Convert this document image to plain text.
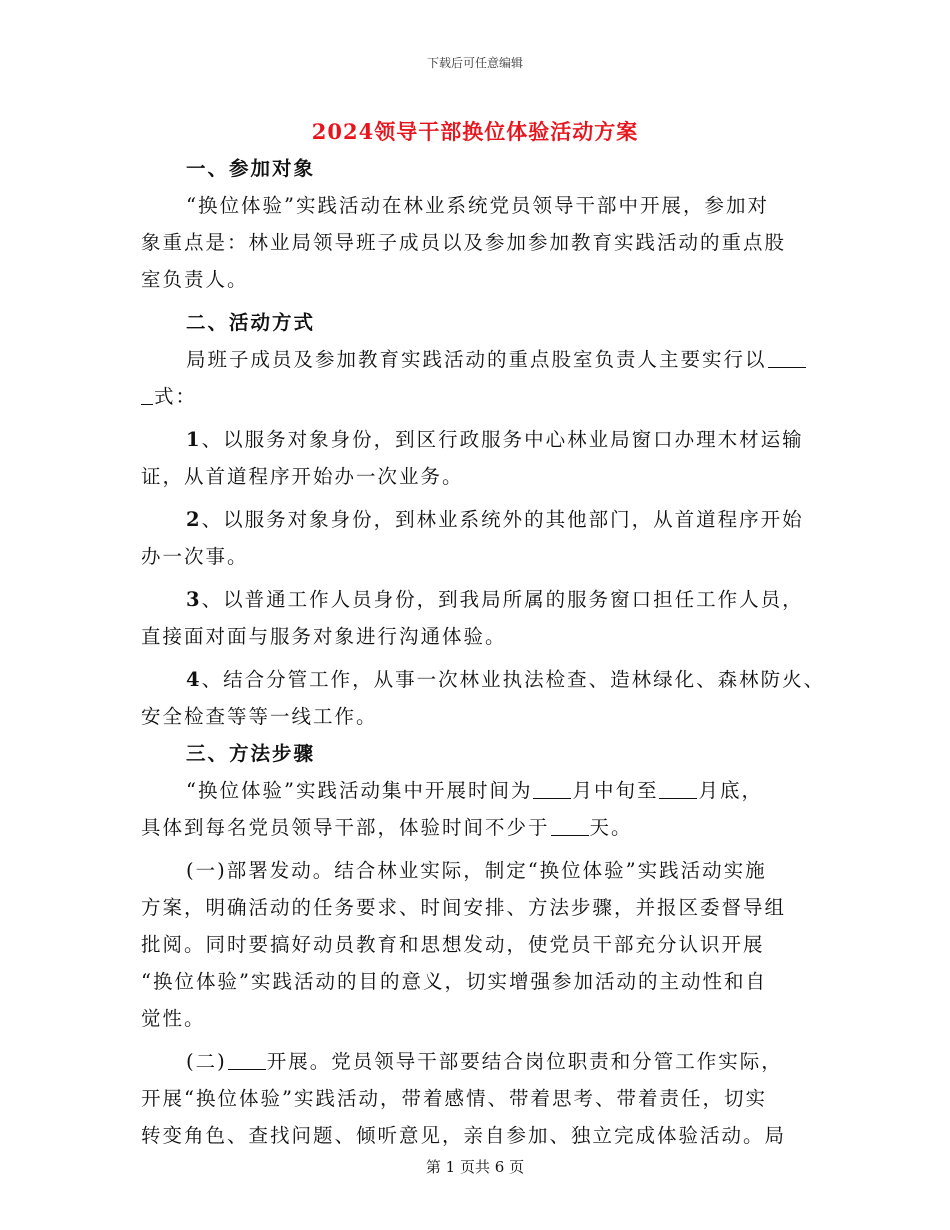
下载后可任意编辑
2024领导干部换位体验活动方案
一、参加对象
“换位体验”实践活动在林业系统党员领导干部中开展，参加对
象重点是：林业局领导班子成员以及参加参加教育实践活动的重点股
室负责人。
二、活动方式
局班子成员及参加教育实践活动的重点股室负责人主要实行以
式：
1、以服务对象身份，到区行政服务中心林业局窗口办理木材运输
证，从首道程序开始办一次业务。
2、以服务对象身份，到林业系统外的其他部门，从首道程序开始
办一次事。
3、以普通工作人员身份，到我局所属的服务窗口担任工作人员，
直接面对面与服务对象进行沟通体验。
4、结合分管工作，从事一次林业执法检查、造林绿化、森林防火、
安全检查等等一线工作。
三、方法步骤
“换位体验”实践活动集中开展时间为 月中旬至 月底，
具体到每名党员领导干部，体验时间不少于 天。
(一)部署发动。结合林业实际，制定“换位体验”实践活动实施
方案，明确活动的任务要求、时间安排、方法步骤，并报区委督导组
批阅。同时要搞好动员教育和思想发动，使党员干部充分认识开展
“换位体验”实践活动的目的意义，切实增强参加活动的主动性和自
觉性。
(二) 开展。党员领导干部要结合岗位职责和分管工作实际，
开展“换位体验”实践活动，带着感情、带着思考、带着责任，切实
转变角色、查找问题、倾听意见，亲自参加、独立完成体验活动。局
第 1 页共 6 页
